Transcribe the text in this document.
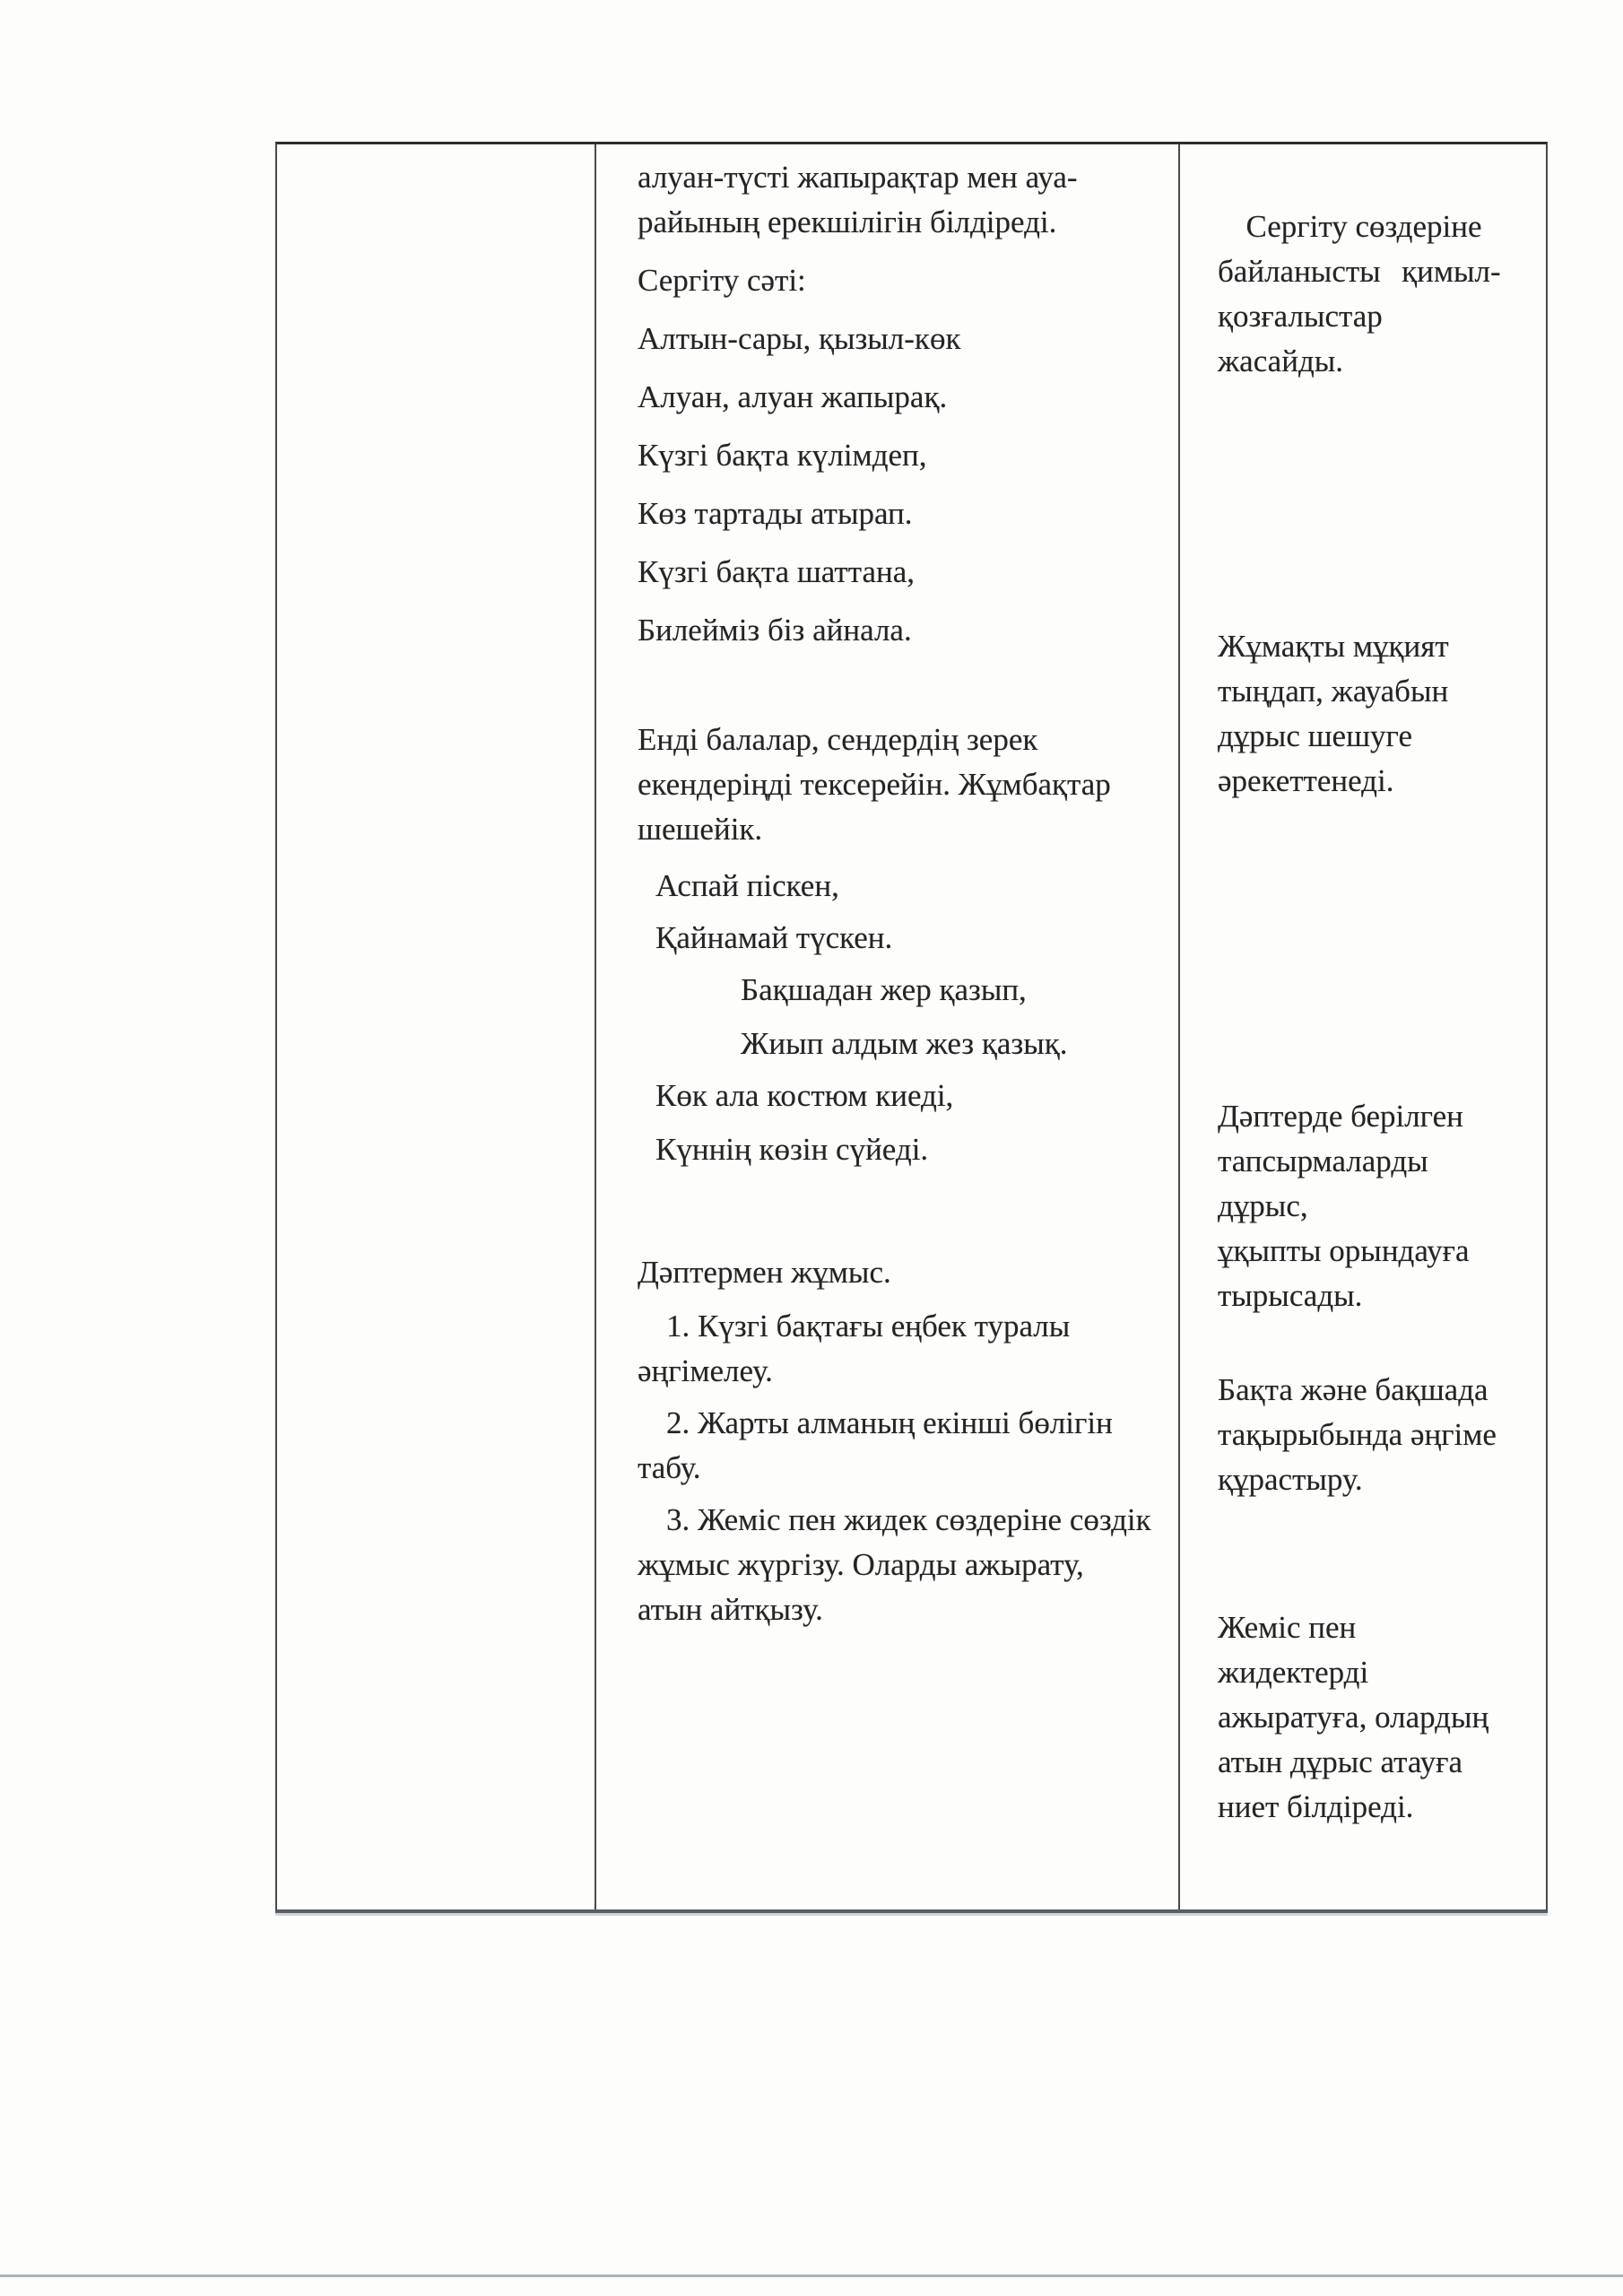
алуан-түсті жапырақтар мен ауа-
райының ерекшілігін білдіреді.
Сергіту сәті:
Алтын-сары, қызыл-көк
Алуан, алуан жапырақ.
Күзгі бақта күлімдеп,
Көз тартады атырап.
Күзгі бақта шаттана,
Билейміз біз айнала.
Енді балалар, сендердің зерек
екендеріңді тексерейін. Жұмбақтар
шешейік.
Аспай піскен,
Қайнамай түскен.
Бақшадан жер қазып,
Жиып алдым жез қазық.
Көк ала костюм киеді,
Күннің көзін сүйеді.
Дәптермен жұмыс.
1. Күзгі бақтағы еңбек туралы
әңгімелеу.
2. Жарты алманың екінші бөлігін
табу.
3. Жеміс пен жидек сөздеріне сөздік
жұмыс жүргізу. Оларды ажырату,
атын айтқызу.
Сергіту сөздеріне
байланысты қимыл-
қозғалыстар жасайды.
Жұмақты мұқият
тыңдап, жауабын
дұрыс шешуге
әрекеттенеді.
Дәптерде берілген
тапсырмаларды дұрыс,
ұқыпты орындауға
тырысады.
Бақта және бақшада
тақырыбында әңгіме
құрастыру.
Жеміс пен жидектерді
ажыратуға, олардың
атын дұрыс атауға
ниет білдіреді.
